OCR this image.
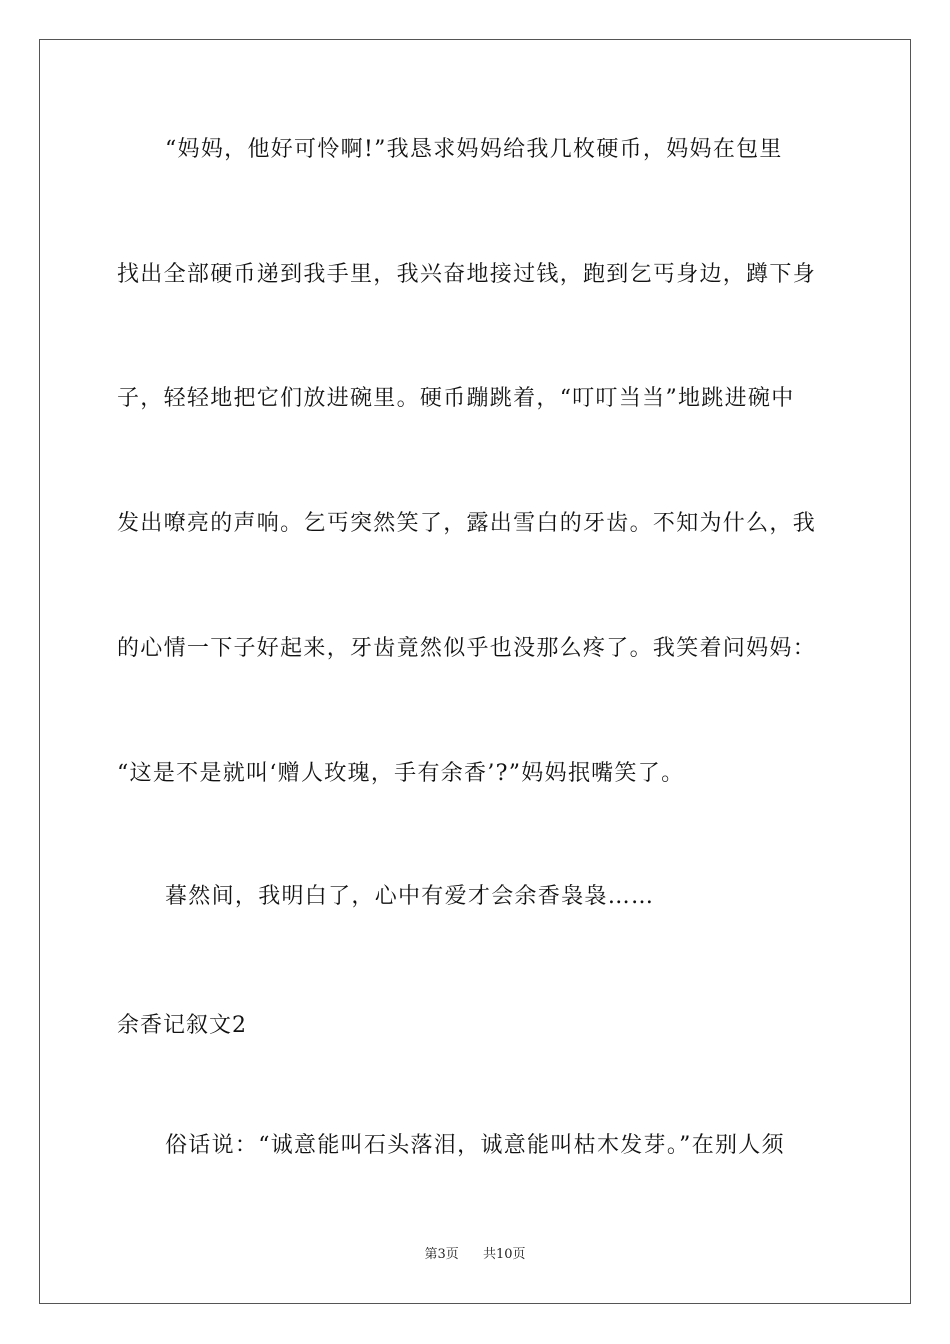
“妈妈，他好可怜啊!”我恳求妈妈给我几枚硬币，妈妈在包里
找出全部硬币递到我手里，我兴奋地接过钱，跑到乞丐身边，蹲下身
子，轻轻地把它们放进碗里。硬币蹦跳着，“叮叮当当”地跳进碗中
发出嘹亮的声响。乞丐突然笑了，露出雪白的牙齿。不知为什么，我
的心情一下子好起来，牙齿竟然似乎也没那么疼了。我笑着问妈妈：
“这是不是就叫‘赠人玫瑰，手有余香’?”妈妈抿嘴笑了。
暮然间，我明白了，心中有爱才会余香袅袅……
余香记叙文2
俗话说：“诚意能叫石头落泪，诚意能叫枯木发芽。”在别人须
第3页 共10页
